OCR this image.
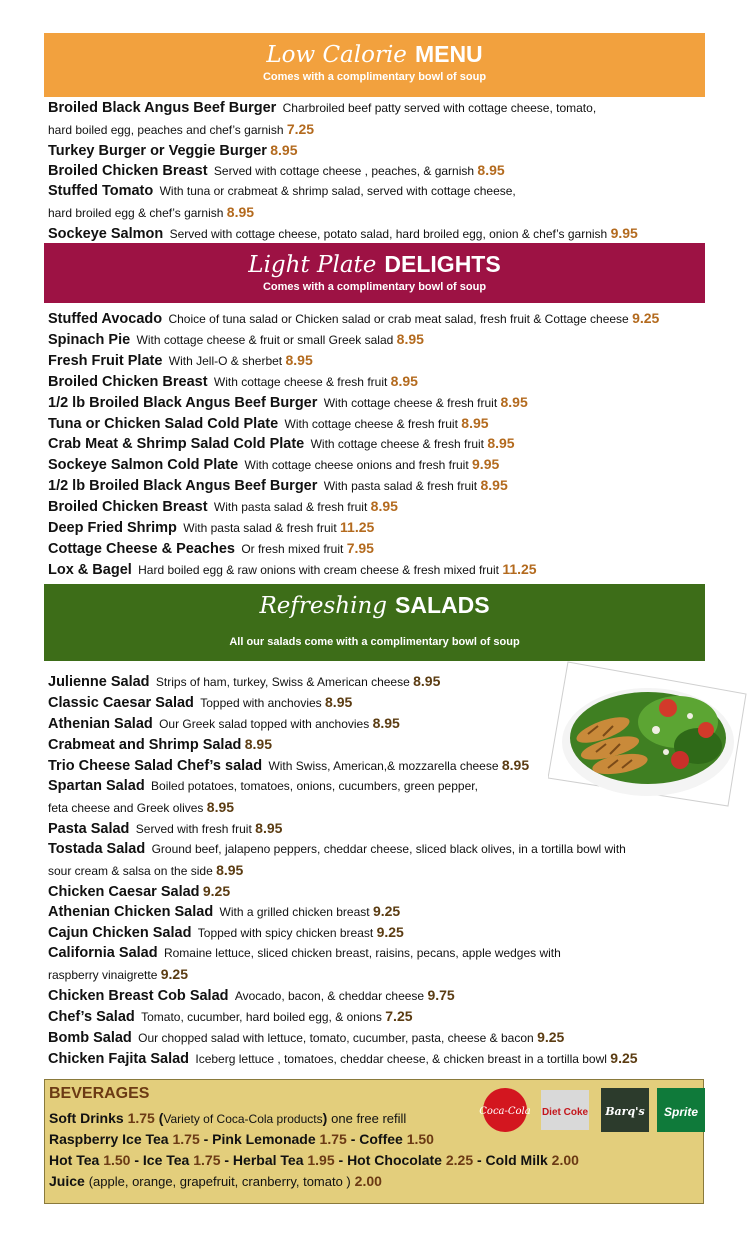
Low Calorie MENU
Comes with a complimentary bowl of soup
Broiled Black Angus Beef Burger Charbroiled beef patty served with cottage cheese, tomato,
hard boiled egg, peaches and chef’s garnish 7.25
Turkey Burger or Veggie Burger 8.95
Broiled Chicken Breast Served with cottage cheese , peaches, & garnish 8.95
Stuffed Tomato With tuna or crabmeat & shrimp salad, served with cottage cheese,
hard broiled egg & chef’s garnish 8.95
Sockeye Salmon Served with cottage cheese, potato salad, hard broiled egg, onion & chef’s garnish 9.95
Light Plate DELIGHTS
Comes with a complimentary bowl of soup
Stuffed Avocado Choice of tuna salad or Chicken salad or crab meat salad, fresh fruit & Cottage cheese 9.25
Spinach Pie With cottage cheese & fruit or small Greek salad 8.95
Fresh Fruit Plate With Jell-O & sherbet 8.95
Broiled Chicken Breast With cottage cheese & fresh fruit 8.95
1/2 lb Broiled Black Angus Beef Burger With cottage cheese & fresh fruit 8.95
Tuna or Chicken Salad Cold Plate With cottage cheese & fresh fruit 8.95
Crab Meat & Shrimp Salad Cold Plate With cottage cheese & fresh fruit 8.95
Sockeye Salmon Cold Plate With cottage cheese onions and fresh fruit 9.95
1/2 lb Broiled Black Angus Beef Burger With pasta salad & fresh fruit 8.95
Broiled Chicken Breast With pasta salad & fresh fruit 8.95
Deep Fried Shrimp With pasta salad & fresh fruit 11.25
Cottage Cheese & Peaches Or fresh mixed fruit 7.95
Lox & Bagel Hard boiled egg & raw onions with cream cheese & fresh mixed fruit 11.25
Refreshing SALADS
All our salads come with a complimentary bowl of soup
Julienne Salad Strips of ham, turkey, Swiss & American cheese 8.95
Classic Caesar Salad Topped with anchovies 8.95
Athenian Salad Our Greek salad topped with anchovies 8.95
Crabmeat and Shrimp Salad 8.95
Trio Cheese Salad Chef’s salad With Swiss, American,& mozzarella cheese 8.95
Spartan Salad Boiled potatoes, tomatoes, onions, cucumbers, green pepper,
feta cheese and Greek olives 8.95
Pasta Salad Served with fresh fruit 8.95
Tostada Salad Ground beef, jalapeno peppers, cheddar cheese, sliced black olives, in a tortilla bowl with
sour cream & salsa on the side 8.95
Chicken Caesar Salad 9.25
Athenian Chicken Salad With a grilled chicken breast 9.25
Cajun Chicken Salad Topped with spicy chicken breast 9.25
California Salad Romaine lettuce, sliced chicken breast, raisins, pecans, apple wedges with
raspberry vinaigrette 9.25
Chicken Breast Cob Salad Avocado, bacon, & cheddar cheese 9.75
Chef’s Salad Tomato, cucumber, hard boiled egg, & onions 7.25
Bomb Salad Our chopped salad with lettuce, tomato, cucumber, pasta, cheese & bacon 9.25
Chicken Fajita Salad Iceberg lettuce , tomatoes, cheddar cheese, & chicken breast in a tortilla bowl 9.25
BEVERAGES
Soft Drinks 1.75 (Variety of Coca-Cola products) one free refill
Raspberry Ice Tea 1.75 - Pink Lemonade 1.75 - Coffee 1.50
Hot Tea 1.50 - Ice Tea 1.75 - Herbal Tea 1.95 - Hot Chocolate 2.25 - Cold Milk 2.00
Juice (apple, orange, grapefruit, cranberry, tomato ) 2.00
Coca-Cola Diet Coke Barq's Sprite
